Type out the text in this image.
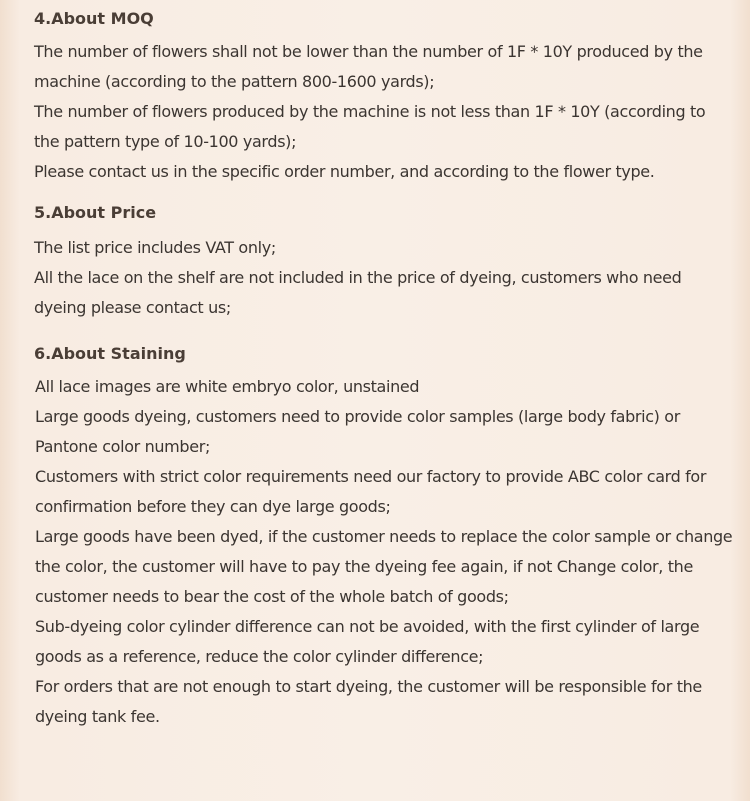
4.About MOQ
The number of flowers shall not be lower than the number of 1F * 10Y produced by the
machine (according to the pattern 800-1600 yards);
The number of flowers produced by the machine is not less than 1F * 10Y (according to
the pattern type of 10-100 yards);
Please contact us in the specific order number, and according to the flower type.
5.About Price
The list price includes VAT only;
All the lace on the shelf are not included in the price of dyeing, customers who need
dyeing please contact us;
6.About Staining
All lace images are white embryo color, unstained
Large goods dyeing, customers need to provide color samples (large body fabric) or
Pantone color number;
Customers with strict color requirements need our factory to provide ABC color card for
confirmation before they can dye large goods;
Large goods have been dyed, if the customer needs to replace the color sample or change
the color, the customer will have to pay the dyeing fee again, if not Change color, the
customer needs to bear the cost of the whole batch of goods;
Sub-dyeing color cylinder difference can not be avoided, with the first cylinder of large
goods as a reference, reduce the color cylinder difference;
For orders that are not enough to start dyeing, the customer will be responsible for the
dyeing tank fee.
